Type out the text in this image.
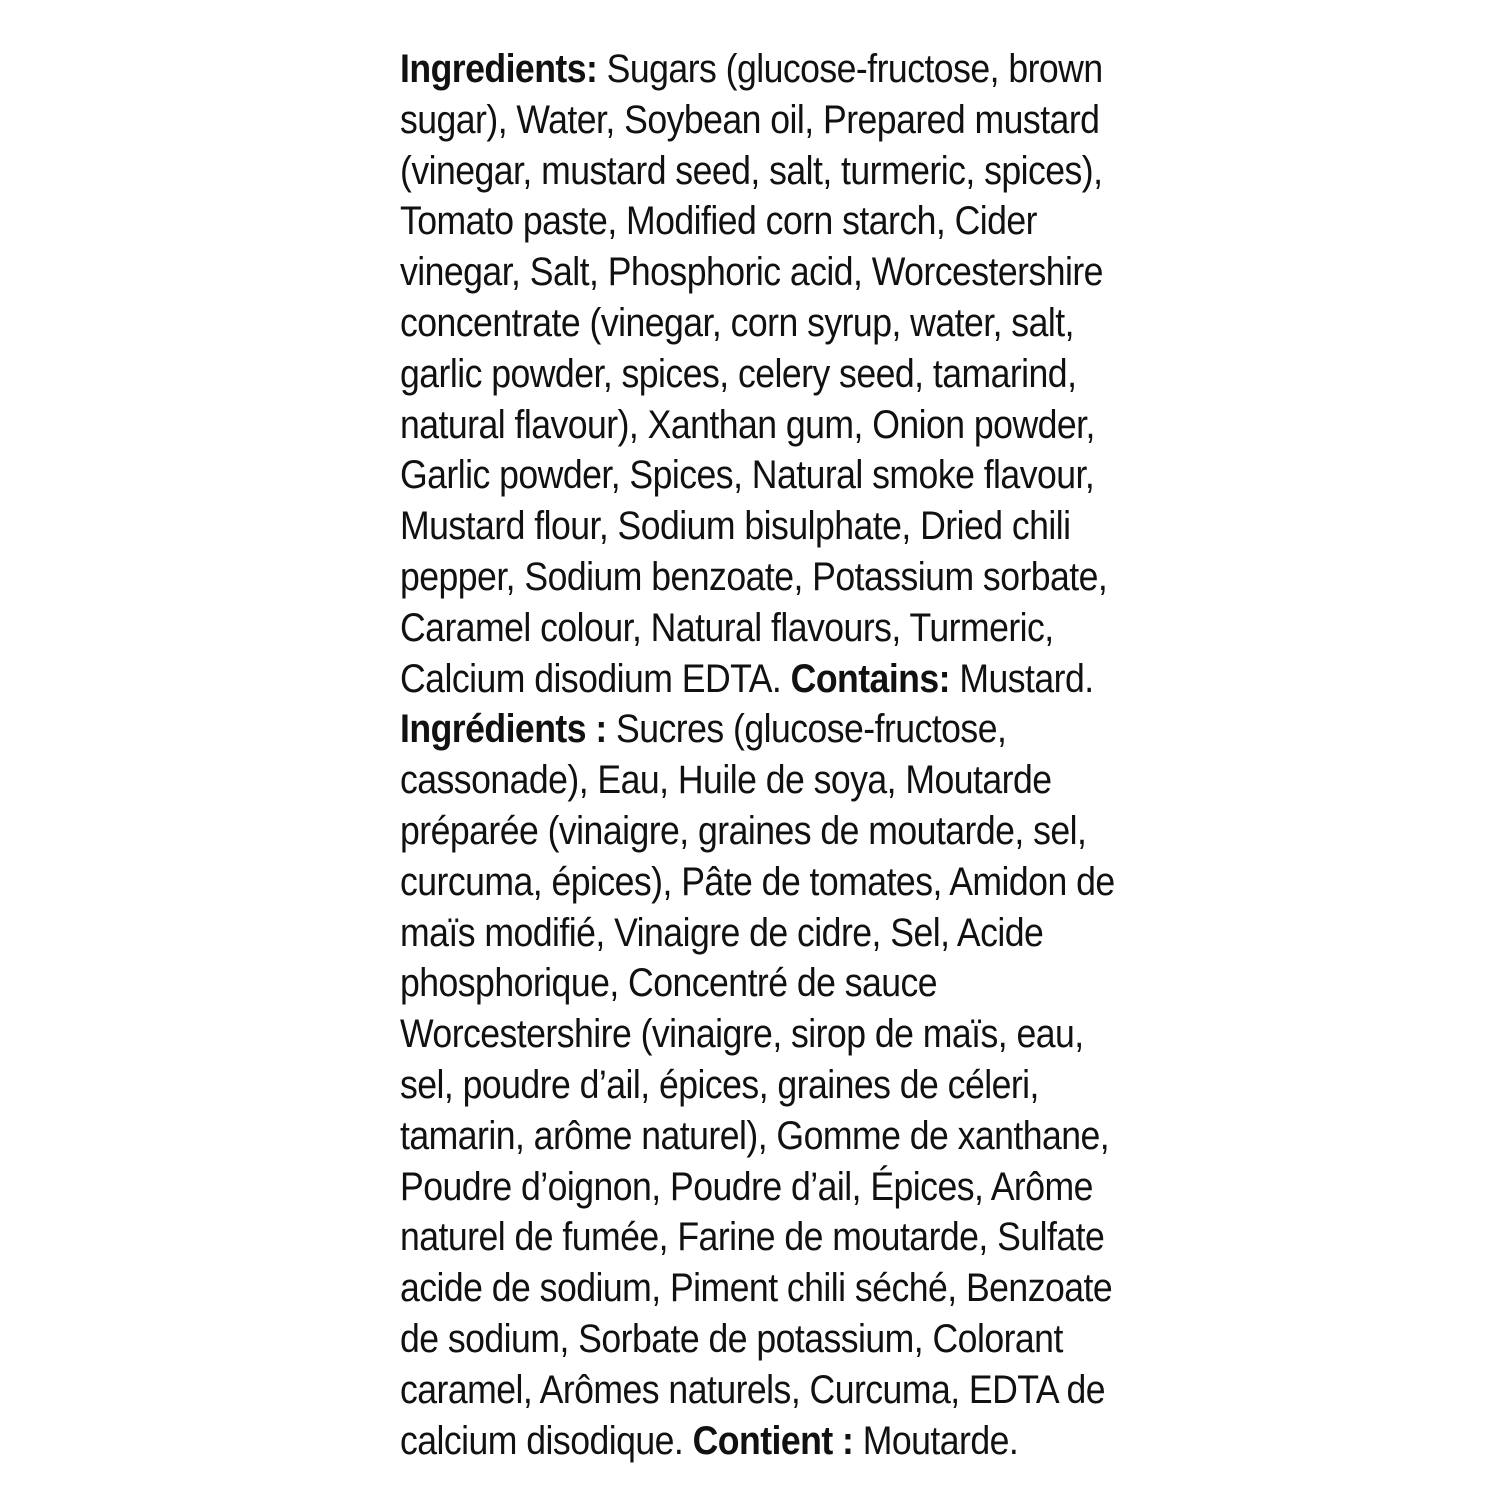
Ingredients: Sugars (glucose-fructose, brown
sugar), Water, Soybean oil, Prepared mustard
(vinegar, mustard seed, salt, turmeric, spices),
Tomato paste, Modified corn starch, Cider
vinegar, Salt, Phosphoric acid, Worcestershire
concentrate (vinegar, corn syrup, water, salt,
garlic powder, spices, celery seed, tamarind,
natural flavour), Xanthan gum, Onion powder,
Garlic powder, Spices, Natural smoke flavour,
Mustard flour, Sodium bisulphate, Dried chili
pepper, Sodium benzoate, Potassium sorbate,
Caramel colour, Natural flavours, Turmeric,
Calcium disodium EDTA. Contains: Mustard.
Ingrédients : Sucres (glucose-fructose,
cassonade), Eau, Huile de soya, Moutarde
préparée (vinaigre, graines de moutarde, sel,
curcuma, épices), Pâte de tomates, Amidon de
maïs modifié, Vinaigre de cidre, Sel, Acide
phosphorique, Concentré de sauce
Worcestershire (vinaigre, sirop de maïs, eau,
sel, poudre d’ail, épices, graines de céleri,
tamarin, arôme naturel), Gomme de xanthane,
Poudre d’oignon, Poudre d’ail, Épices, Arôme
naturel de fumée, Farine de moutarde, Sulfate
acide de sodium, Piment chili séché, Benzoate
de sodium, Sorbate de potassium, Colorant
caramel, Arômes naturels, Curcuma, EDTA de
calcium disodique. Contient : Moutarde.
